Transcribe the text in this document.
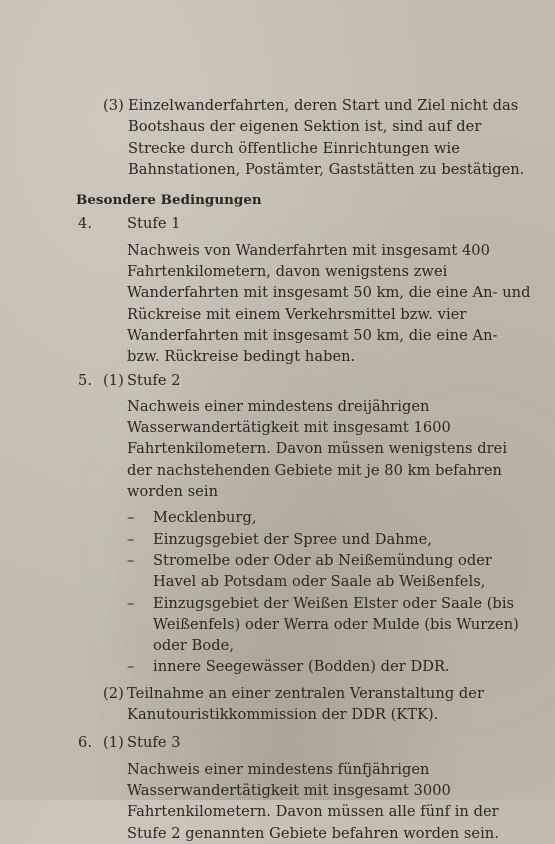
(3) Einzelwanderfahrten, deren Start und Ziel nicht das Bootshaus der eigenen Sektion ist, sind auf der Strecke durch öffentliche Einrichtungen wie Bahnstationen, Postämter, Gaststätten zu bestätigen.

Besondere Bedingungen
4. Stufe 1

Nachweis von Wanderfahrten mit insgesamt 400 Fahrtenkilometern, davon wenigstens zwei Wanderfahrten mit insgesamt 50 km, die eine An- und Rückreise mit einem Verkehrsmittel bzw. vier Wanderfahrten mit insgesamt 50 km, die eine An- bzw. Rückreise bedingt haben.

5. (1) Stufe 2

Nachweis einer mindestens dreijährigen Wasserwandertätigkeit mit insgesamt 1600 Fahrtenkilometern. Davon müssen wenigstens drei der nachstehenden Gebiete mit je 80 km befahren worden sein

– Mecklenburg,
– Einzugsgebiet der Spree und Dahme,
– Stromelbe oder Oder ab Neißemündung oder Havel ab Potsdam oder Saale ab Weißenfels,
– Einzugsgebiet der Weißen Elster oder Saale (bis Weißenfels) oder Werra oder Mulde (bis Wurzen) oder Bode,
– innere Seegewässer (Bodden) der DDR.

(2) Teilnahme an einer zentralen Veranstaltung der Kanutouristikkommission der DDR (KTK).

6. (1) Stufe 3

Nachweis einer mindestens fünfjährigen Wasserwandertätigkeit mit insgesamt 3000 Fahrtenkilometern. Davon müssen alle fünf in der Stufe 2 genannten Gebiete befahren worden sein.
